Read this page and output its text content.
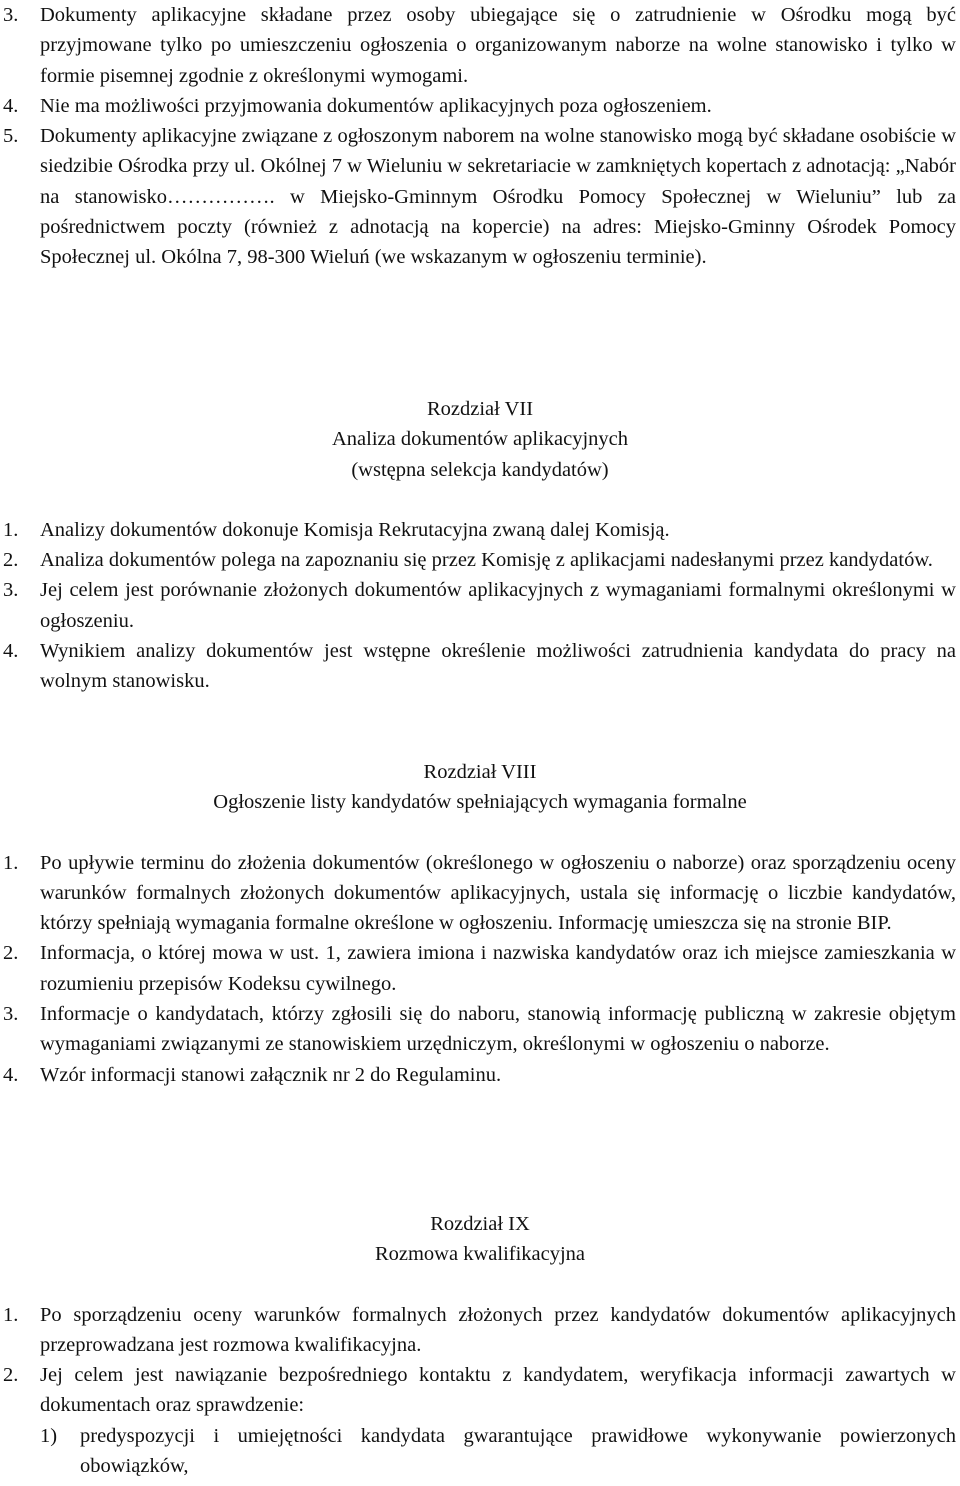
3.	Dokumenty aplikacyjne składane przez osoby ubiegające się o zatrudnienie w Ośrodku mogą być przyjmowane tylko po umieszczeniu ogłoszenia o organizowanym naborze na wolne stanowisko i tylko w formie pisemnej zgodnie z określonymi wymogami.
4.	Nie ma możliwości przyjmowania dokumentów aplikacyjnych poza ogłoszeniem.
5.	Dokumenty aplikacyjne związane z ogłoszonym naborem na wolne stanowisko mogą być składane osobiście w siedzibie Ośrodka przy ul. Okólnej 7 w Wieluniu w sekretariacie w zamkniętych kopertach z adnotacją: „Nabór na stanowisko……………. w Miejsko-Gminnym Ośrodku Pomocy Społecznej w Wieluniu” lub za pośrednictwem poczty (również z adnotacją na kopercie) na adres: Miejsko-Gminny Ośrodek Pomocy Społecznej ul. Okólna 7, 98-300 Wieluń (we wskazanym w ogłoszeniu terminie).
Rozdział VII
Analiza dokumentów aplikacyjnych
(wstępna selekcja kandydatów)
1.	Analizy dokumentów dokonuje Komisja Rekrutacyjna zwaną dalej Komisją.
2.	Analiza dokumentów polega na zapoznaniu się przez Komisję z aplikacjami nadesłanymi przez kandydatów.
3.	Jej celem jest porównanie złożonych dokumentów aplikacyjnych z wymaganiami formalnymi określonymi w ogłoszeniu.
4.	Wynikiem analizy dokumentów jest wstępne określenie możliwości zatrudnienia kandydata do pracy na wolnym stanowisku.
Rozdział VIII
Ogłoszenie listy kandydatów spełniających wymagania formalne
1.	Po upływie terminu do złożenia dokumentów (określonego w ogłoszeniu o naborze) oraz sporządzeniu oceny warunków formalnych złożonych dokumentów aplikacyjnych, ustala się informację o liczbie kandydatów, którzy spełniają wymagania formalne określone w ogłoszeniu. Informację umieszcza się na stronie BIP.
2.	Informacja, o której mowa w ust. 1, zawiera imiona i nazwiska kandydatów oraz ich miejsce zamieszkania w rozumieniu przepisów Kodeksu cywilnego.
3.	Informacje o kandydatach, którzy zgłosili się do naboru, stanowią informację publiczną w zakresie objętym wymaganiami związanymi ze stanowiskiem urzędniczym, określonymi w ogłoszeniu o naborze.
4.	Wzór informacji stanowi załącznik nr 2 do Regulaminu.
Rozdział IX
Rozmowa kwalifikacyjna
1.	Po sporządzeniu oceny warunków formalnych złożonych przez kandydatów dokumentów aplikacyjnych przeprowadzana jest rozmowa kwalifikacyjna.
2.	Jej celem jest nawiązanie bezpośredniego kontaktu z kandydatem, weryfikacja informacji zawartych w dokumentach oraz sprawdzenie:
1)	predyspozycji i umiejętności kandydata gwarantujące prawidłowe wykonywanie powierzonych obowiązków,
